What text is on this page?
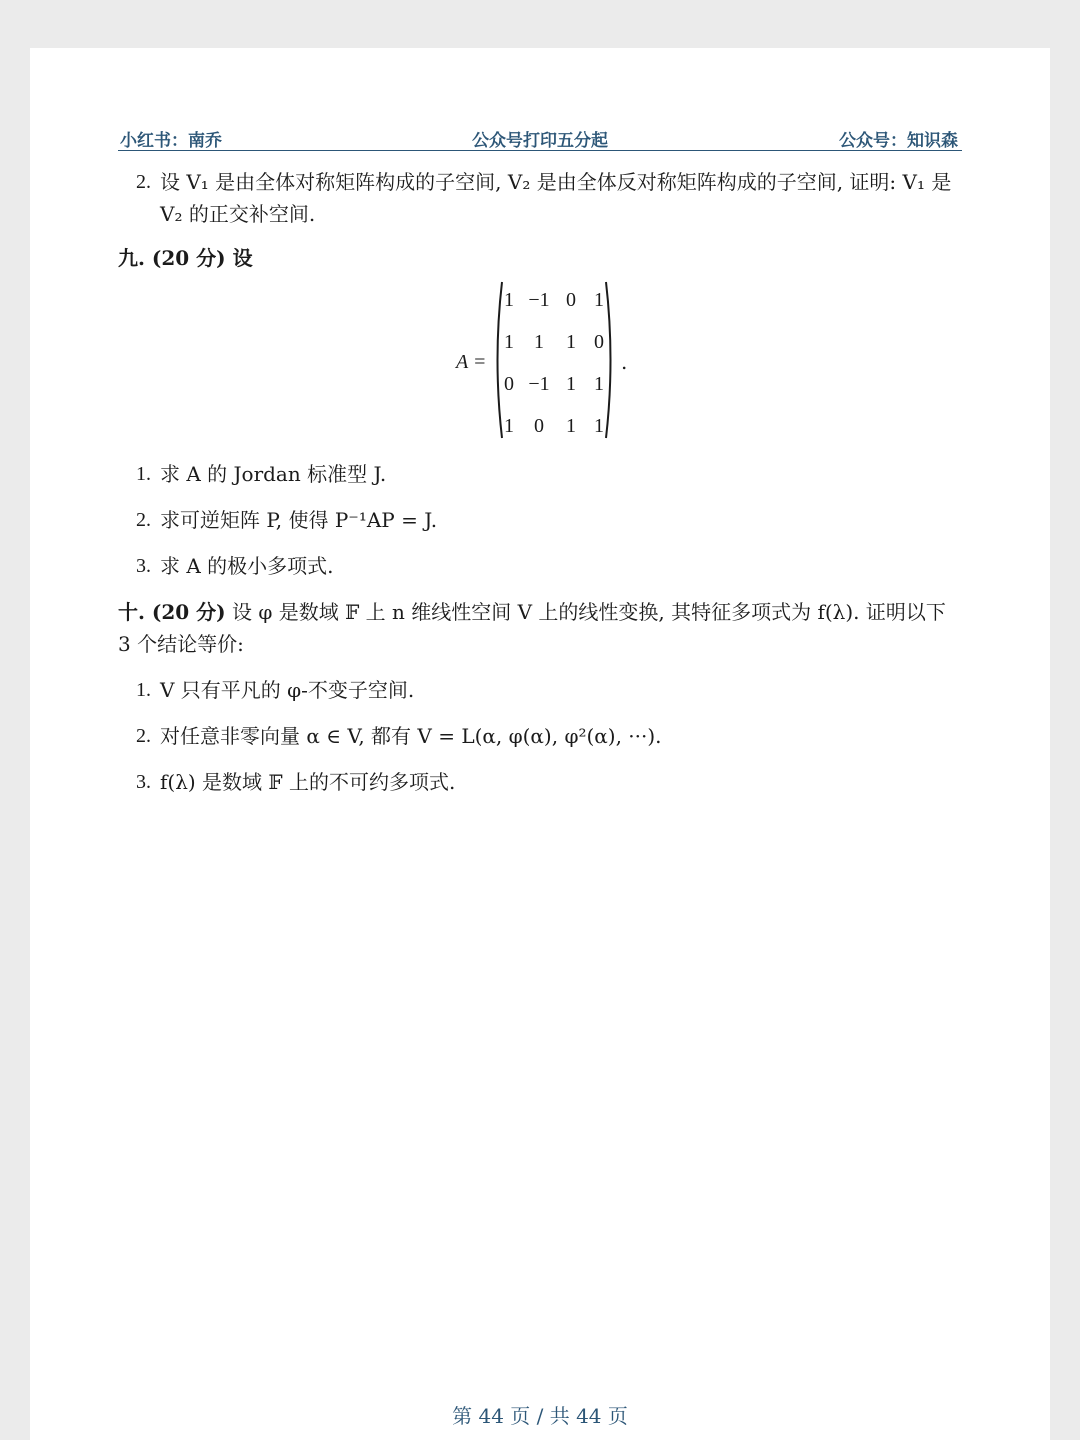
小红书：南乔	公众号打印五分起	公众号：知识森
2. 设 V₁ 是由全体对称矩阵构成的子空间, V₂ 是由全体反对称矩阵构成的子空间, 证明: V₁ 是
V₂ 的正交补空间.
九. (20 分) 设
A =
1 −1 0 1
1	1	1 0
0 −1 1 1
1	0	1 1
.
1. 求 A 的 Jordan 标准型 J.
2. 求可逆矩阵 P, 使得 P⁻¹AP = J.
3. 求 A 的极小多项式.
十. (20 分) 设 φ 是数域 𝔽 上 n 维线性空间 V 上的线性变换, 其特征多项式为 f(λ). 证明以下 3 个结论等价:
1. V 只有平凡的 φ-不变子空间.
2. 对任意非零向量 α ∈ V, 都有 V = L(α, φ(α), φ²(α), ···).
3. f(λ) 是数域 𝔽 上的不可约多项式.
第 44 页 / 共 44 页
